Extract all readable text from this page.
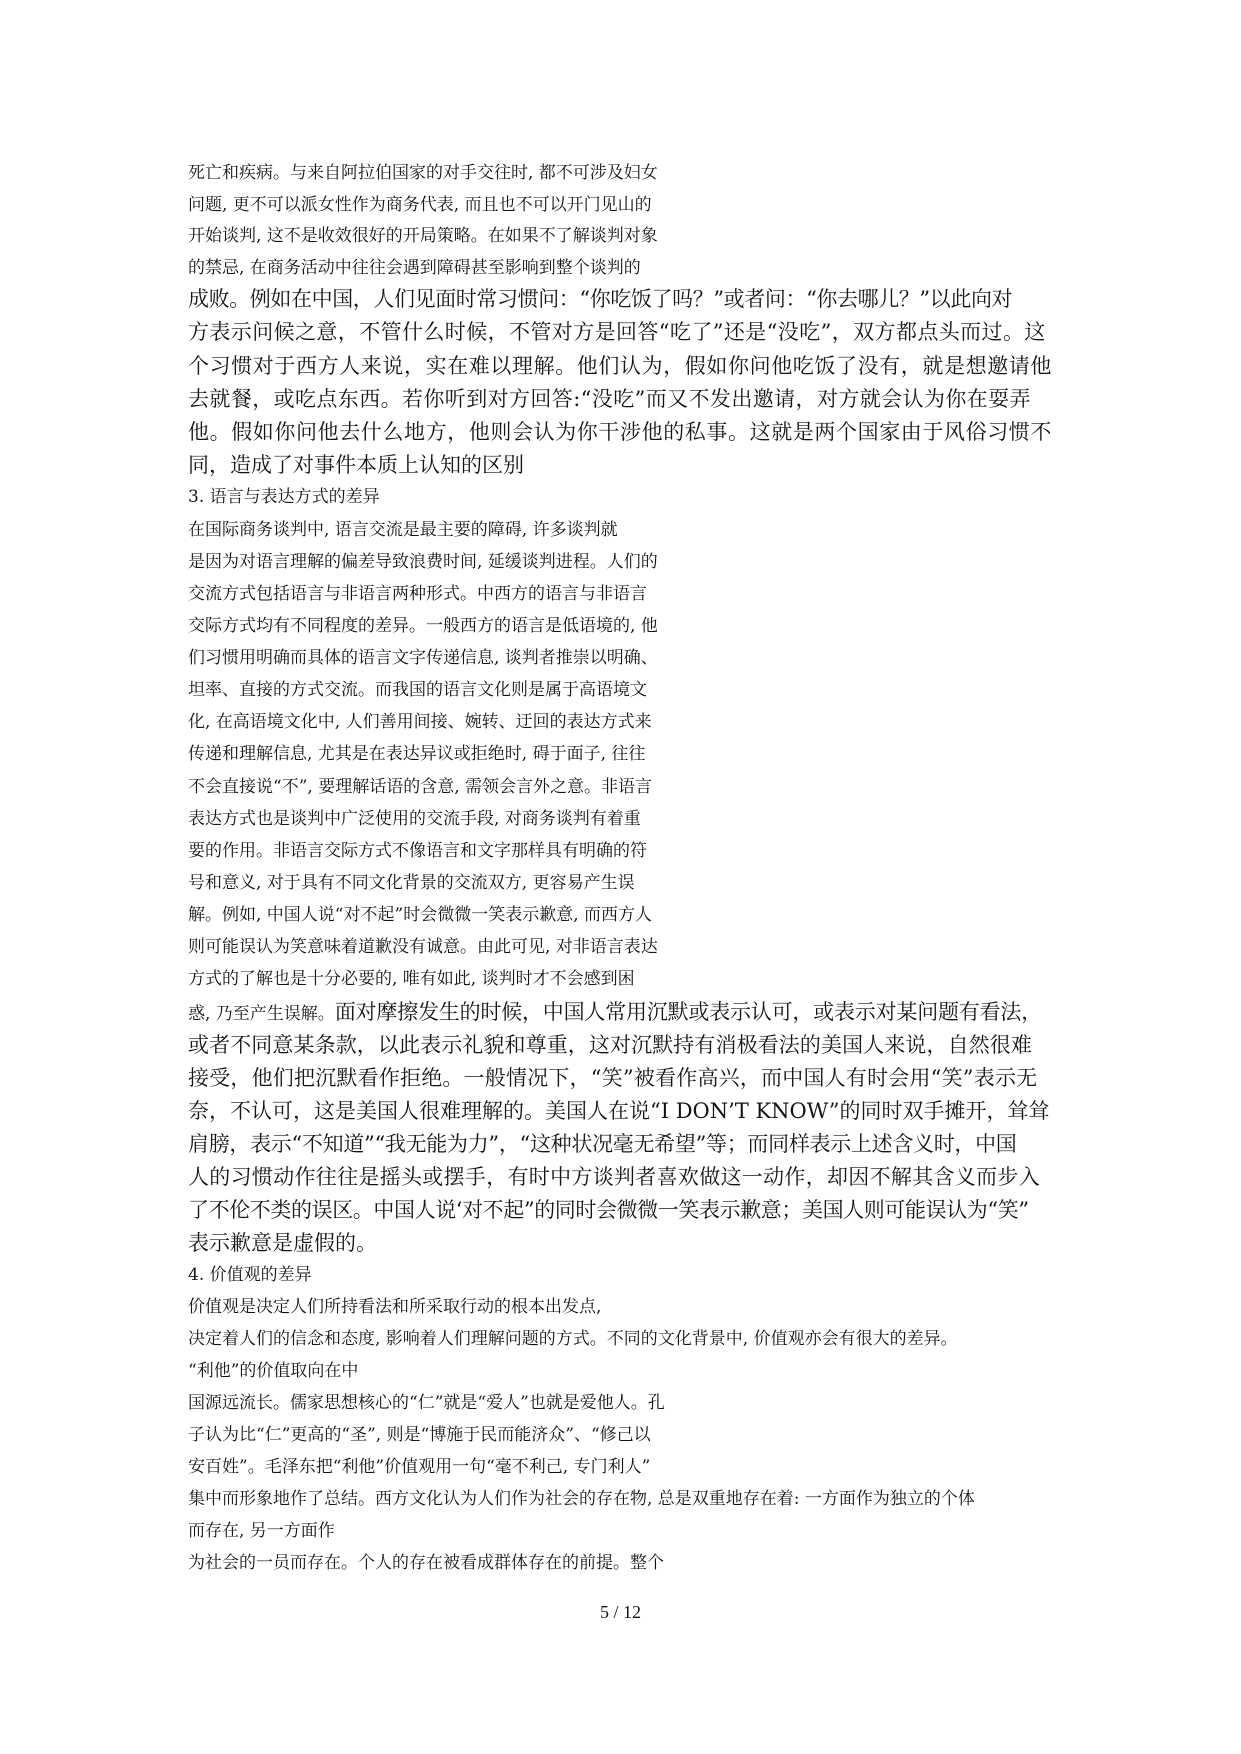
死亡和疾病。与来自阿拉伯国家的对手交往时, 都不可涉及妇女

问题, 更不可以派女性作为商务代表, 而且也不可以开门见山的

开始谈判, 这不是收效很好的开局策略。在如果不了解谈判对象

的禁忌, 在商务活动中往往会遇到障碍甚至影响到整个谈判的

成败。例如在中国，人们见面时常习惯问：“你吃饭了吗？”或者问：“你去哪儿？”以此向对

方表示问候之意，不管什么时候，不管对方是回答“吃了”还是“没吃”，双方都点头而过。这

个习惯对于西方人来说，实在难以理解。他们认为，假如你问他吃饭了没有，就是想邀请他

去就餐，或吃点东西。若你听到对方回答:“没吃”而又不发出邀请，对方就会认为你在耍弄

他。假如你问他去什么地方，他则会认为你干涉他的私事。这就是两个国家由于风俗习惯不

同，造成了对事件本质上认知的区别

3. 语言与表达方式的差异

在国际商务谈判中, 语言交流是最主要的障碍, 许多谈判就

是因为对语言理解的偏差导致浪费时间, 延缓谈判进程。人们的

交流方式包括语言与非语言两种形式。中西方的语言与非语言

交际方式均有不同程度的差异。一般西方的语言是低语境的, 他

们习惯用明确而具体的语言文字传递信息, 谈判者推崇以明确、

坦率、直接的方式交流。而我国的语言文化则是属于高语境文

化, 在高语境文化中, 人们善用间接、婉转、迂回的表达方式来

传递和理解信息, 尤其是在表达异议或拒绝时, 碍于面子, 往往

不会直接说“不”, 要理解话语的含意, 需领会言外之意。非语言

表达方式也是谈判中广泛使用的交流手段, 对商务谈判有着重

要的作用。非语言交际方式不像语言和文字那样具有明确的符

号和意义, 对于具有不同文化背景的交流双方, 更容易产生误

解。例如, 中国人说“对不起”时会微微一笑表示歉意, 而西方人

则可能误认为笑意味着道歉没有诚意。由此可见, 对非语言表达

方式的了解也是十分必要的, 唯有如此, 谈判时才不会感到困

惑, 乃至产生误解。面对摩擦发生的时候，中国人常用沉默或表示认可，或表示对某问题有看法，

或者不同意某条款，以此表示礼貌和尊重，这对沉默持有消极看法的美国人来说，自然很难

接受，他们把沉默看作拒绝。一般情况下，“笑”被看作高兴，而中国人有时会用“笑”表示无

奈，不认可，这是美国人很难理解的。美国人在说“I DON’T KNOW”的同时双手摊开，耸耸

肩膀，表示“不知道”“我无能为力”，“这种状况毫无希望”等；而同样表示上述含义时，中国

人的习惯动作往往是摇头或摆手，有时中方谈判者喜欢做这一动作，却因不解其含义而步入

了不伦不类的误区。中国人说‘对不起”的同时会微微一笑表示歉意；美国人则可能误认为“笑”

表示歉意是虚假的。

4. 价值观的差异

价值观是决定人们所持看法和所采取行动的根本出发点,

决定着人们的信念和态度, 影响着人们理解问题的方式。不同的文化背景中, 价值观亦会有很大的差异。

“利他”的价值取向在中

国源远流长。儒家思想核心的“仁”就是“爱人”也就是爱他人。孔

子认为比“仁”更高的“圣”, 则是“博施于民而能济众”、“修己以

安百姓”。毛泽东把“利他”价值观用一句“毫不利己, 专门利人”

集中而形象地作了总结。西方文化认为人们作为社会的存在物, 总是双重地存在着: 一方面作为独立的个体

而存在, 另一方面作

为社会的一员而存在。个人的存在被看成群体存在的前提。整个

5 / 12
